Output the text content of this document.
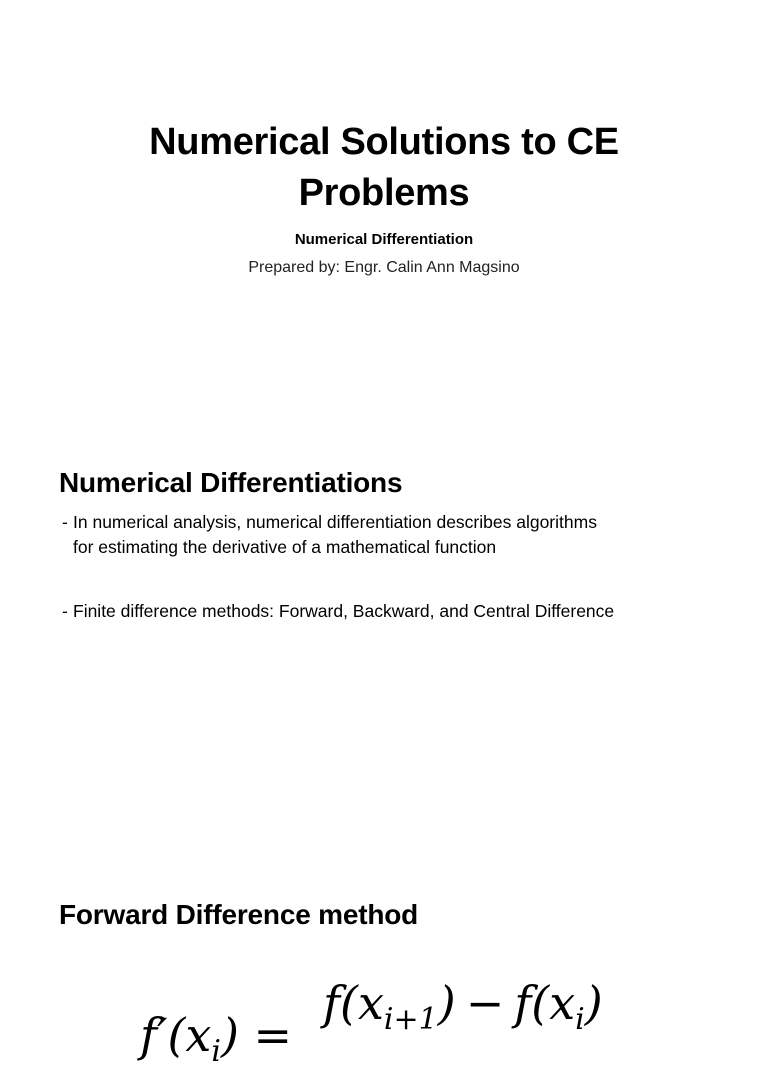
Numerical Solutions to CE
Problems
Numerical Differentiation
Prepared by: Engr. Calin Ann Magsino
Numerical Differentiations
- In numerical analysis, numerical differentiation describes algorithms
for estimating the derivative of a mathematical function
- Finite difference methods: Forward, Backward, and Central Difference
Forward Difference method
$f(x_{i+1}) - f(x_i)$
$f'(x_i)$ =
